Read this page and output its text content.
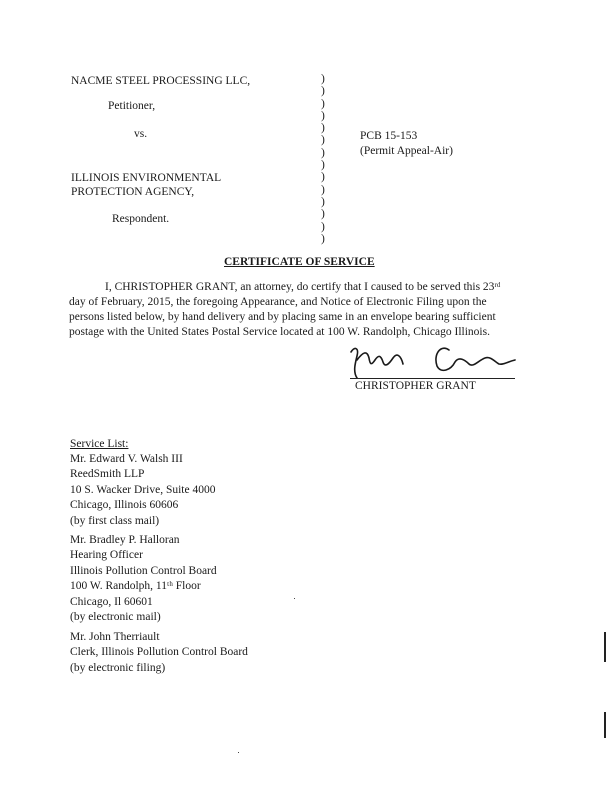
NACME STEEL PROCESSING LLC,
Petitioner,
vs.
ILLINOIS ENVIRONMENTAL
PROTECTION AGENCY,
Respondent.
)
)
)
)
)
)
)
)
)
)
)
)
)
)
PCB 15-153
(Permit Appeal-Air)
CERTIFICATE OF SERVICE
I, CHRISTOPHER GRANT, an attorney, do certify that I caused to be served this 23ʳᵈ
day of February, 2015, the foregoing Appearance, and Notice of Electronic Filing upon the
persons listed below, by hand delivery and by placing same in an envelope bearing sufficient
postage with the United States Postal Service located at 100 W. Randolph, Chicago Illinois.
CHRISTOPHER GRANT
Service List:
Mr. Edward V. Walsh III
ReedSmith LLP
10 S. Wacker Drive, Suite 4000
Chicago, Illinois 60606
(by first class mail)
Mr. Bradley P. Halloran
Hearing Officer
Illinois Pollution Control Board
100 W. Randolph, 11ᵗʰ Floor
Chicago, Il 60601
(by electronic mail)
Mr. John Therriault
Clerk, Illinois Pollution Control Board
(by electronic filing)
